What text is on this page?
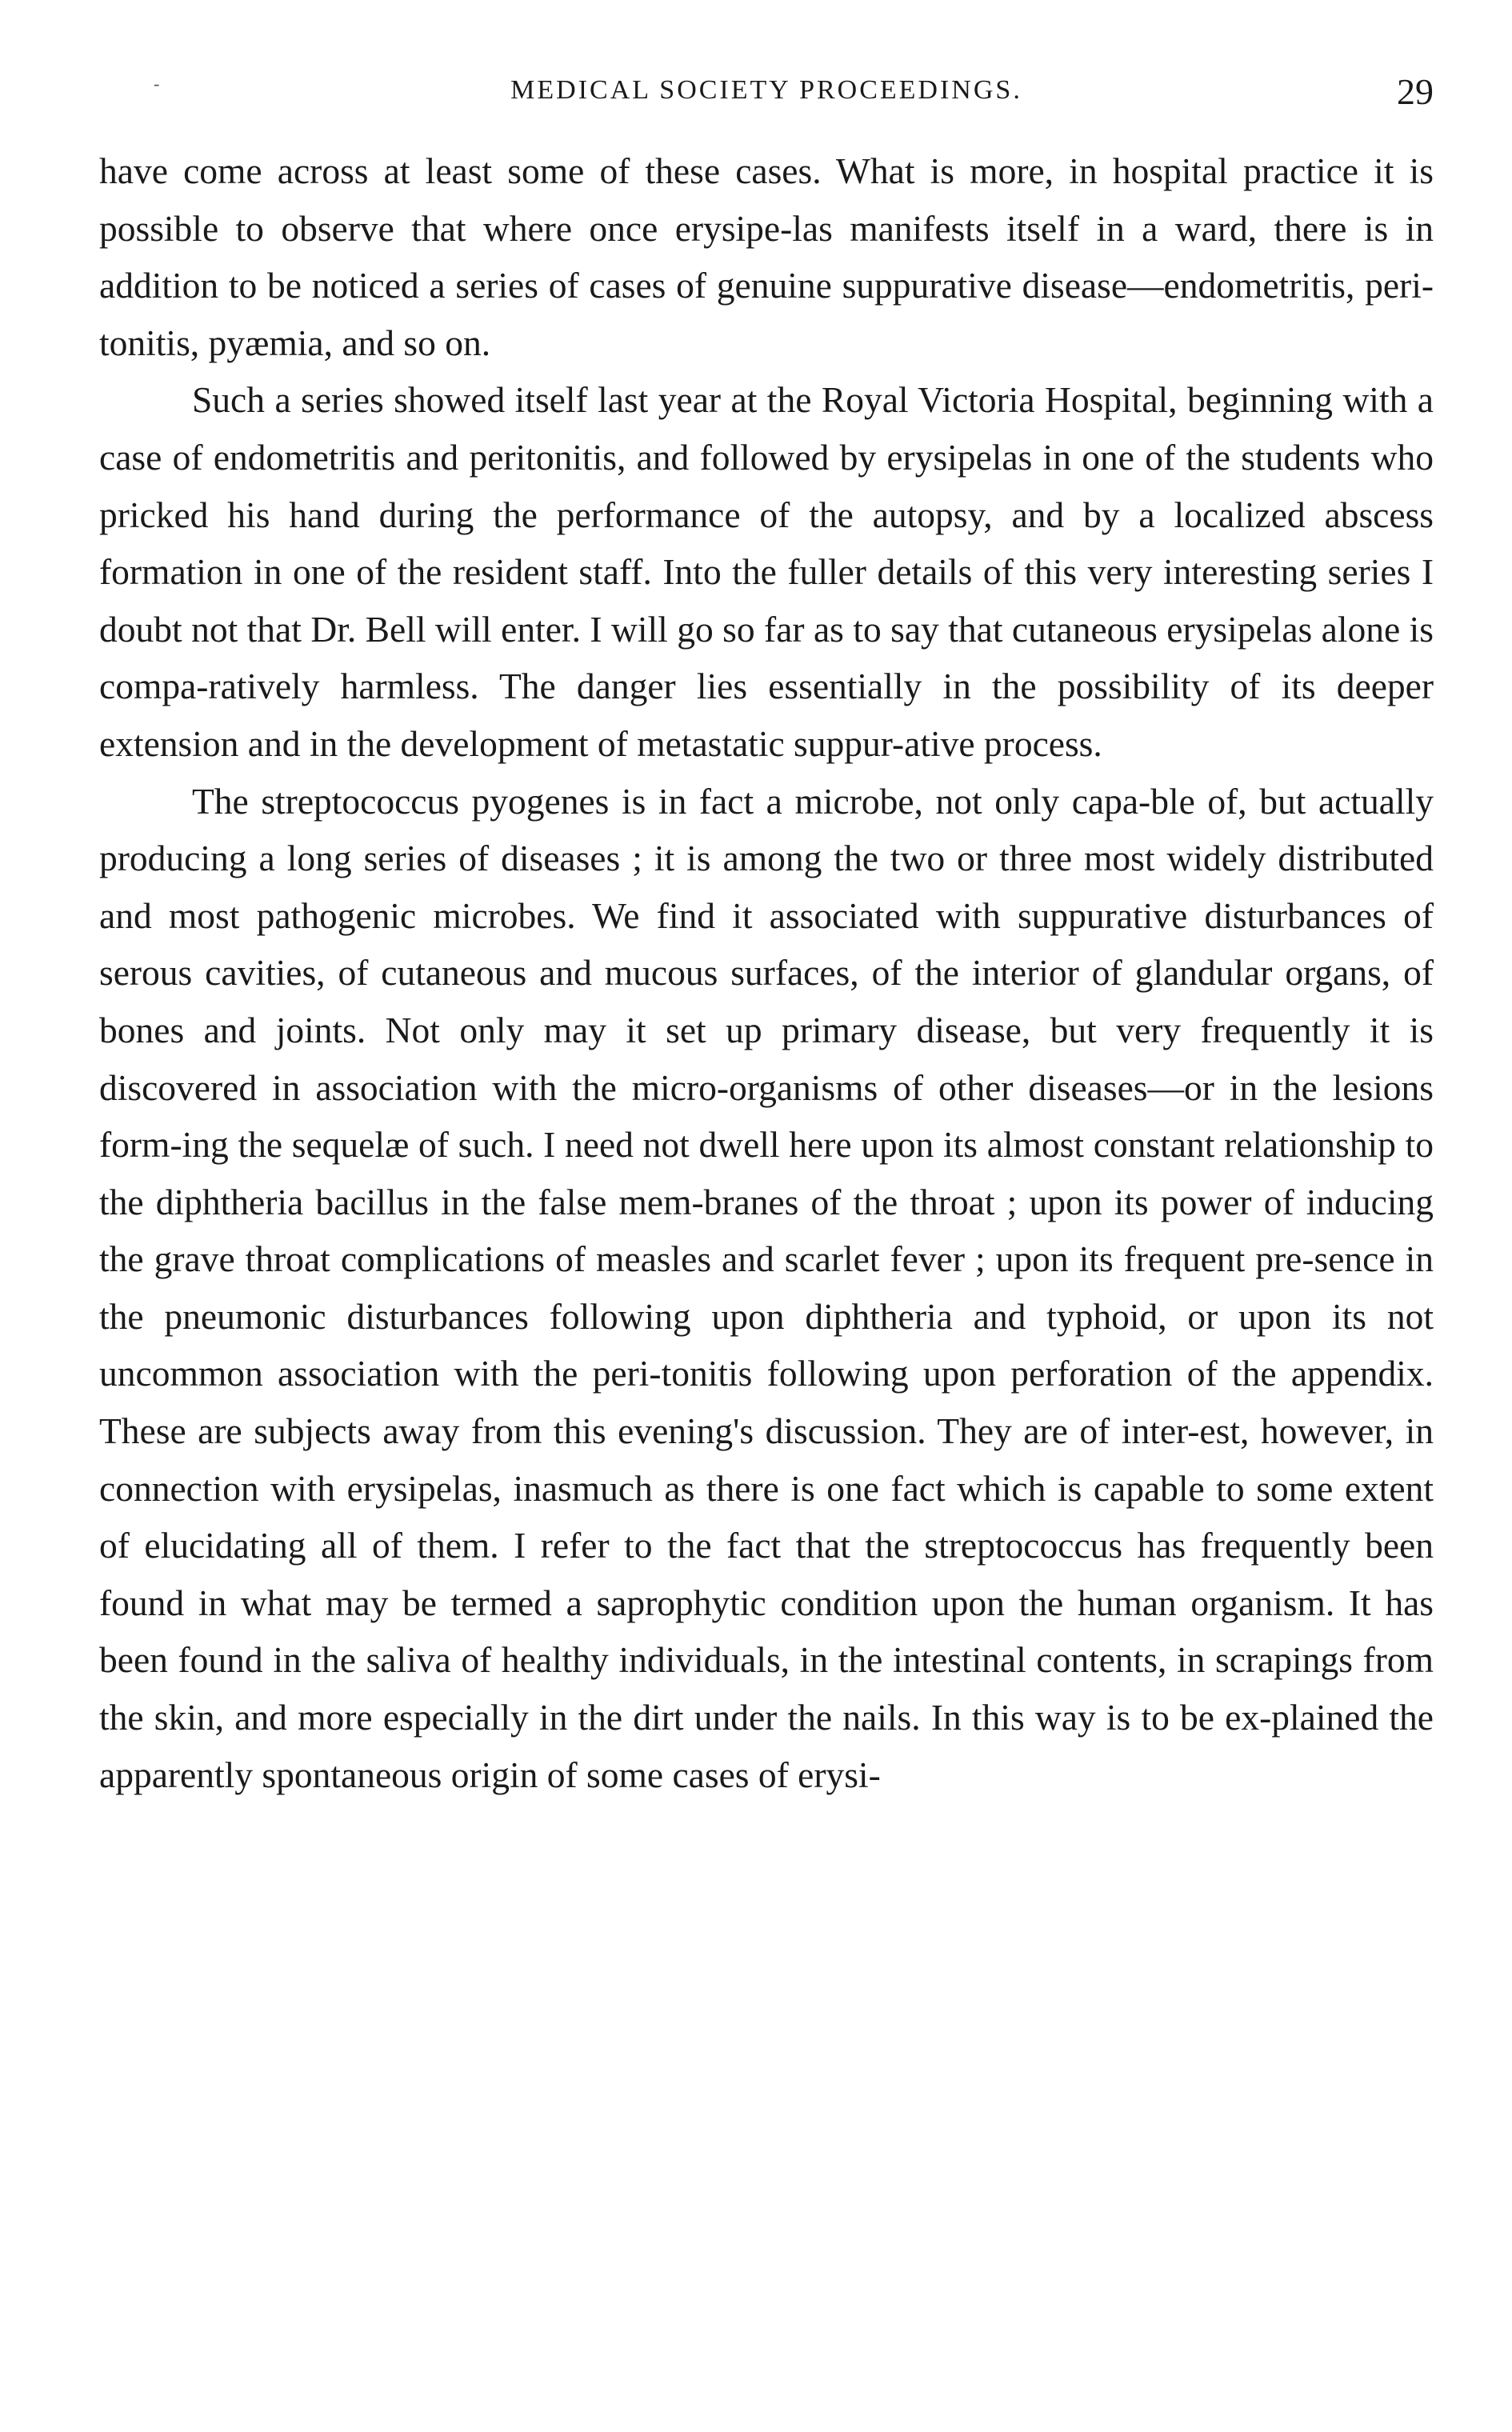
MEDICAL SOCIETY PROCEEDINGS.	29
-

have come across at least some of these cases. What is more, in hospital practice it is possible to observe that where once erysipe-las manifests itself in a ward, there is in addition to be noticed a series of cases of genuine suppurative disease—endometritis, peri-tonitis, pyæmia, and so on.

Such a series showed itself last year at the Royal Victoria Hospital, beginning with a case of endometritis and peritonitis, and followed by erysipelas in one of the students who pricked his hand during the performance of the autopsy, and by a localized abscess formation in one of the resident staff. Into the fuller details of this very interesting series I doubt not that Dr. Bell will enter. I will go so far as to say that cutaneous erysipelas alone is compa-ratively harmless. The danger lies essentially in the possibility of its deeper extension and in the development of metastatic suppur-ative process.

The streptococcus pyogenes is in fact a microbe, not only capa-ble of, but actually producing a long series of diseases ; it is among the two or three most widely distributed and most pathogenic microbes. We find it associated with suppurative disturbances of serous cavities, of cutaneous and mucous surfaces, of the interior of glandular organs, of bones and joints. Not only may it set up primary disease, but very frequently it is discovered in association with the micro-organisms of other diseases—or in the lesions form-ing the sequelæ of such. I need not dwell here upon its almost constant relationship to the diphtheria bacillus in the false mem-branes of the throat ; upon its power of inducing the grave throat complications of measles and scarlet fever ; upon its frequent pre-sence in the pneumonic disturbances following upon diphtheria and typhoid, or upon its not uncommon association with the peri-tonitis following upon perforation of the appendix. These are subjects away from this evening's discussion. They are of inter-est, however, in connection with erysipelas, inasmuch as there is one fact which is capable to some extent of elucidating all of them. I refer to the fact that the streptococcus has frequently been found in what may be termed a saprophytic condition upon the human organism. It has been found in the saliva of healthy individuals, in the intestinal contents, in scrapings from the skin, and more especially in the dirt under the nails. In this way is to be ex-plained the apparently spontaneous origin of some cases of erysi-
